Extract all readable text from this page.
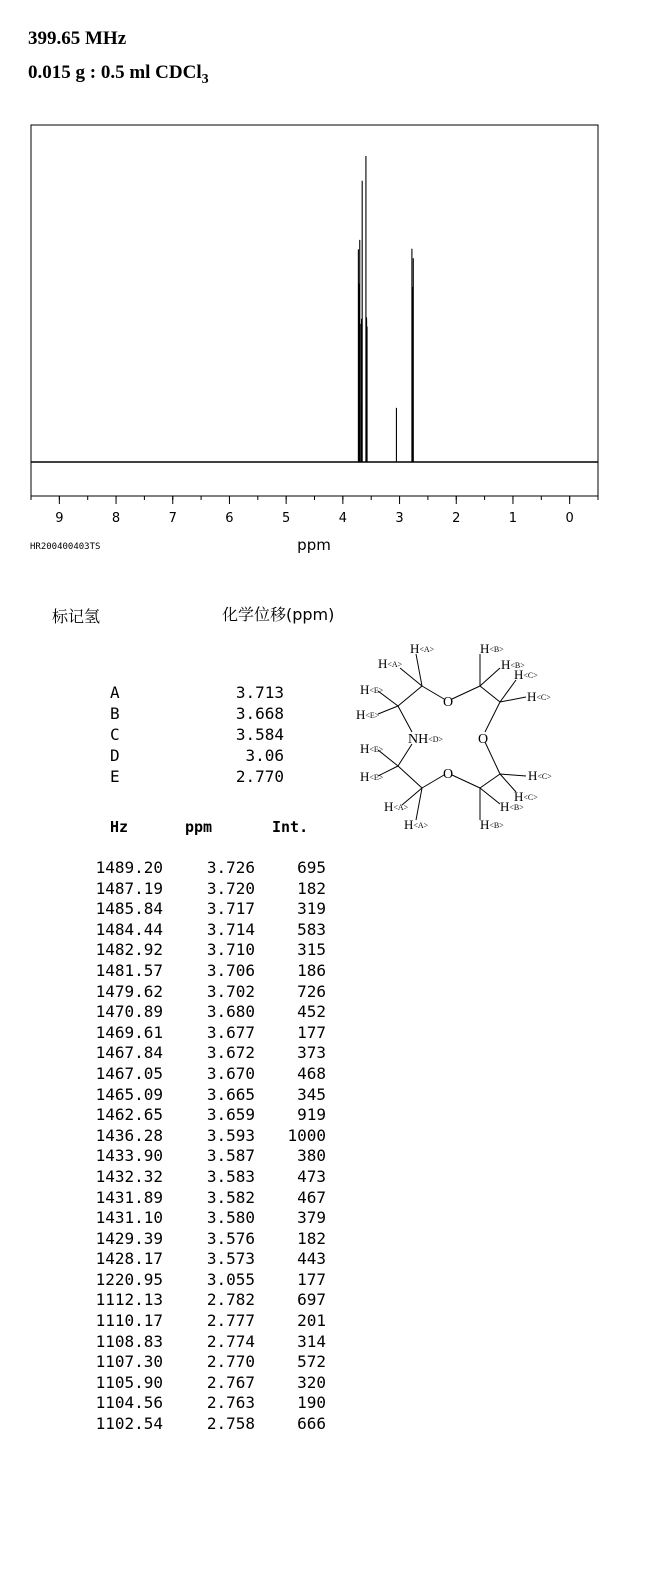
399.65 MHz
0.015 g : 0.5 ml CDCl$_3$
9	8	7	6	5	4	3	2	1	0
ppm
HR200400403TS
标记氢	化学位移(ppm)
A	3.713
B	3.668
C	3.584
D	3.06
E	2.770
O
O
O
NH<D>
H<A>
H<A>
H<B>
H<B>
H<C>
H<C>
H<E>
H<E>
H<E>
H<E>
H<A>
H<A>
H<B>
H<B>
H<C>
H<C>
Hz	ppm	Int.
1489.20	3.726	695
1487.19	3.720	182
1485.84	3.717	319
1484.44	3.714	583
1482.92	3.710	315
1481.57	3.706	186
1479.62	3.702	726
1470.89	3.680	452
1469.61	3.677	177
1467.84	3.672	373
1467.05	3.670	468
1465.09	3.665	345
1462.65	3.659	919
1436.28	3.593 1000
1433.90	3.587	380
1432.32	3.583	473
1431.89	3.582	467
1431.10	3.580	379
1429.39	3.576	182
1428.17	3.573	443
1220.95	3.055	177
1112.13	2.782	697
1110.17	2.777	201
1108.83	2.774	314
1107.30	2.770	572
1105.90	2.767	320
1104.56	2.763	190
1102.54	2.758	666
